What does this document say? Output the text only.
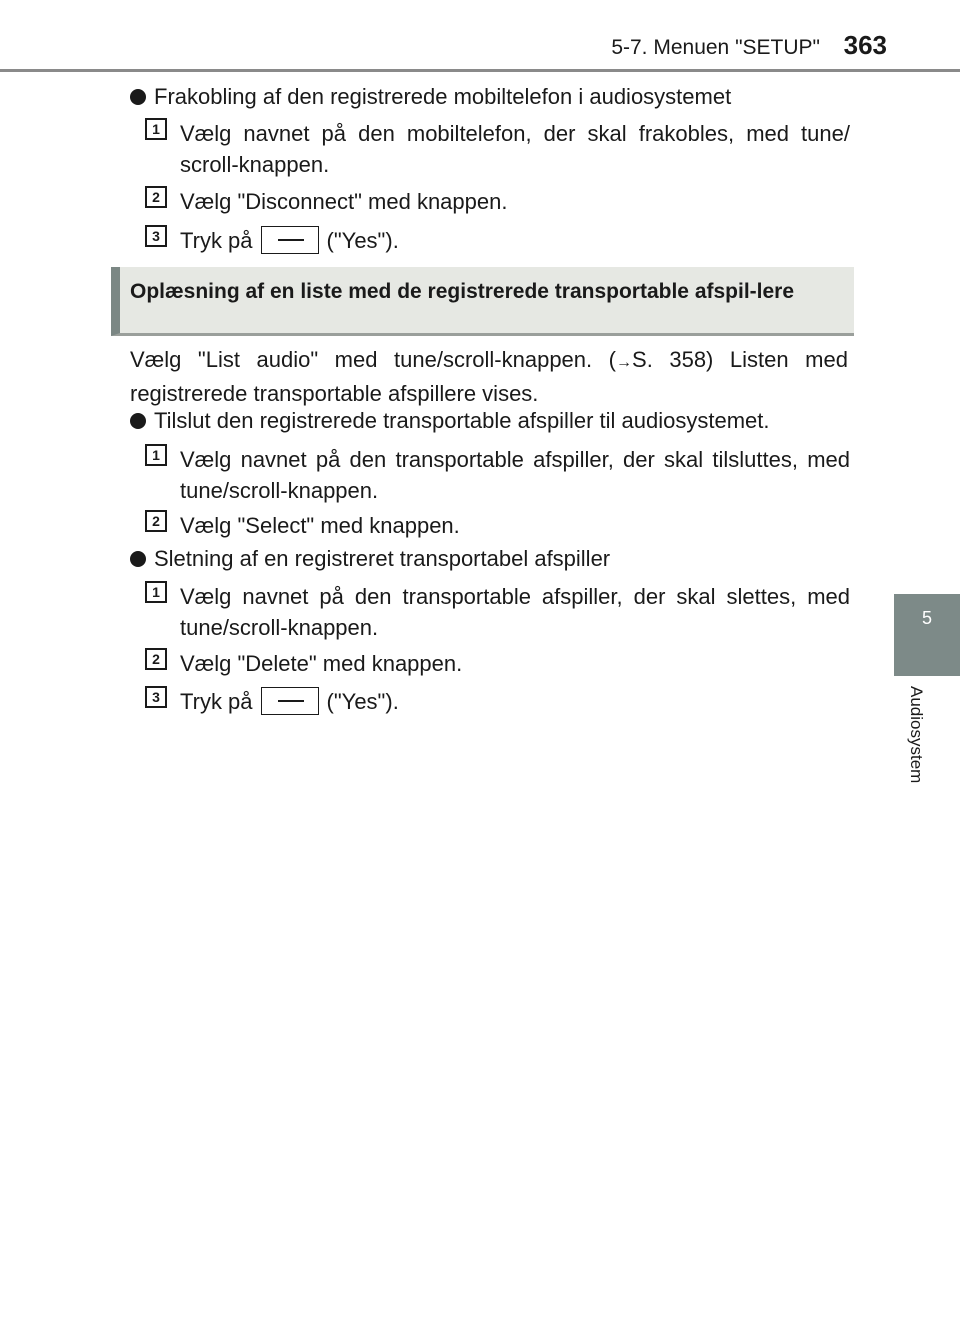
5-7. Menuen "SETUP" 363
5
Audiosystem
Frakobling af den registrerede mobiltelefon i audiosystemet
1 Vælg navnet på den mobiltelefon, der skal frakobles, med tune/ scroll-knappen.
2 Vælg "Disconnect" med knappen.
3 Tryk på	("Yes").
Oplæsning af en liste med de registrerede transportable afspil-lere
Vælg "List audio" med tune/scroll-knappen. (→S. 358) Listen med registrerede transportable afspillere vises.
Tilslut den registrerede transportable afspiller til audiosystemet.
1 Vælg navnet på den transportable afspiller, der skal tilsluttes, med tune/scroll-knappen.
2 Vælg "Select" med knappen.
Sletning af en registreret transportabel afspiller
1 Vælg navnet på den transportable afspiller, der skal slettes, med tune/scroll-knappen.
2 Vælg "Delete" med knappen.
3 Tryk på	("Yes").
